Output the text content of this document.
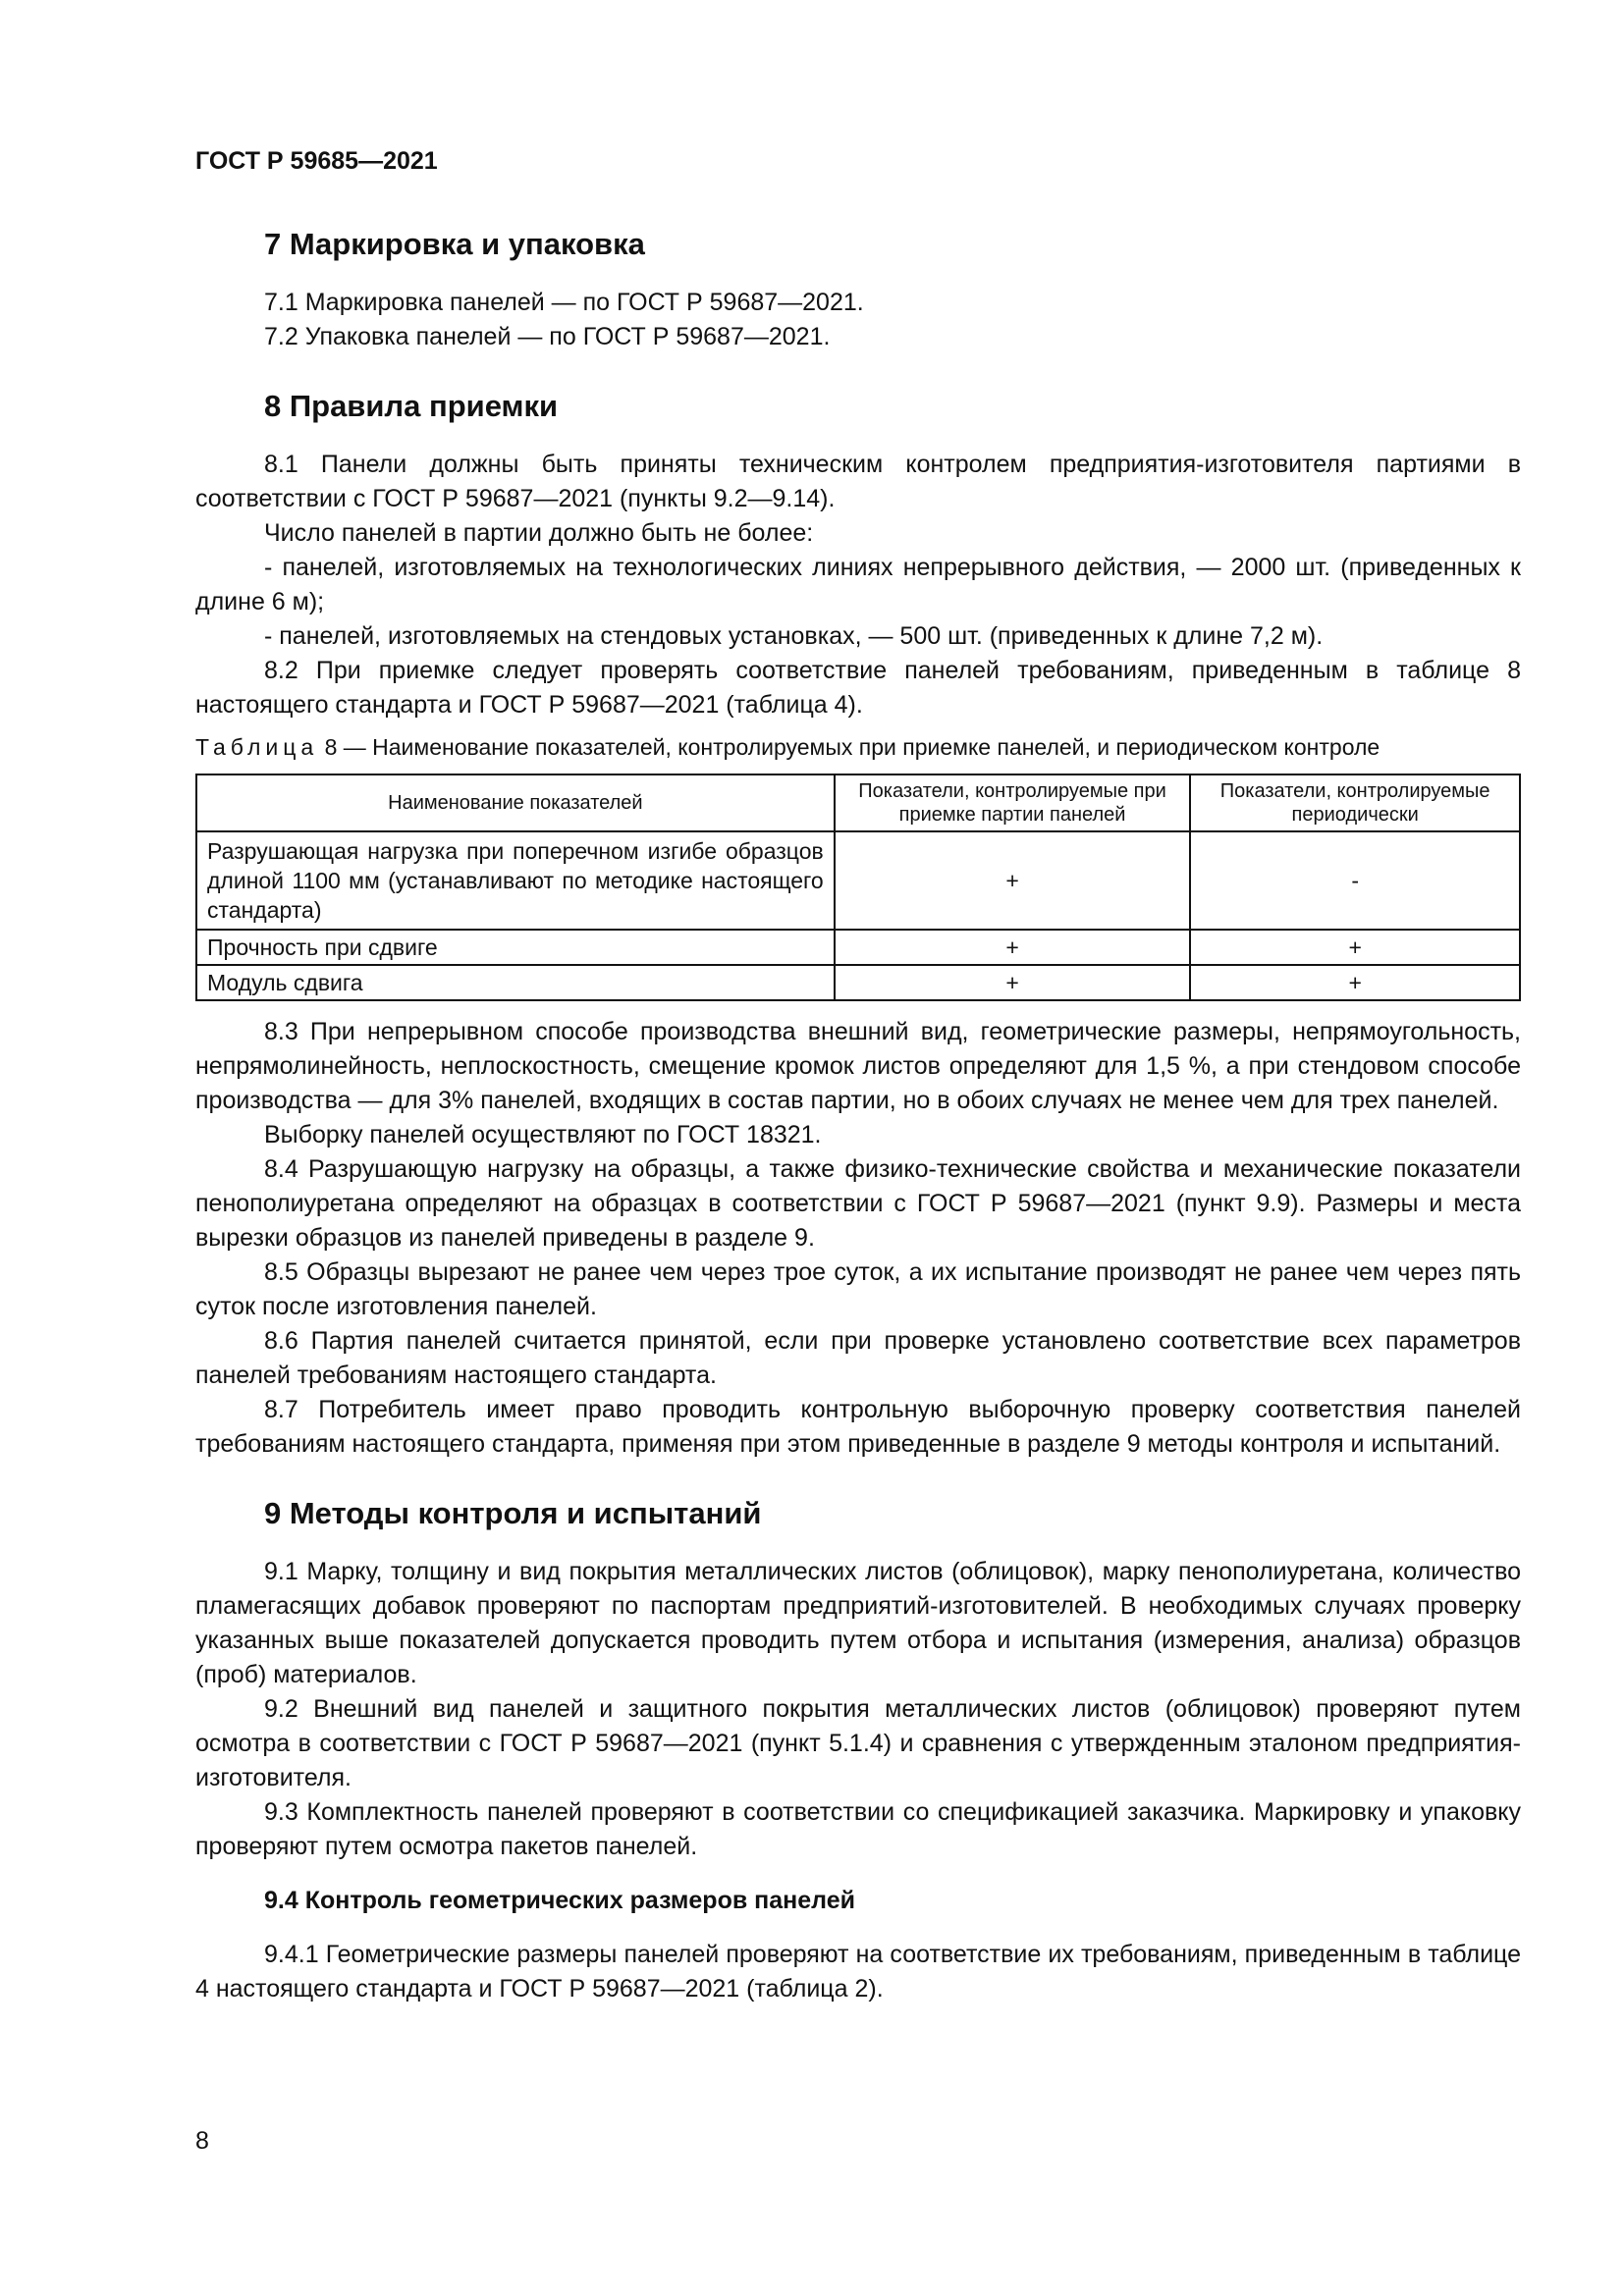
ГОСТ Р 59685—2021
7 Маркировка и упаковка

7.1 Маркировка панелей — по ГОСТ Р 59687—2021.

7.2 Упаковка панелей — по ГОСТ Р 59687—2021.

8 Правила приемки

8.1 Панели должны быть приняты техническим контролем предприятия-изготовителя партиями в соответствии с ГОСТ Р 59687—2021 (пункты 9.2—9.14).

Число панелей в партии должно быть не более:

- панелей, изготовляемых на технологических линиях непрерывного действия, — 2000 шт. (приведенных к длине 6 м);

- панелей, изготовляемых на стендовых установках, — 500 шт. (приведенных к длине 7,2 м).

8.2 При приемке следует проверять соответствие панелей требованиям, приведенным в таблице 8 настоящего стандарта и ГОСТ Р 59687—2021 (таблица 4).

Таблица 8 — Наименование показателей, контролируемых при приемке панелей, и периодическом контроле
Наименование показателей	Показатели, контролируемые при приемке партии панелей	Показатели, контролируемые периодически
Разрушающая нагрузка при поперечном изгибе образцов длиной 1100 мм (устанавливают по методике настоящего стандарта)	+	-
Прочность при сдвиге	+	+
Модуль сдвига	+	+

8.3 При непрерывном способе производства внешний вид, геометрические размеры, непрямоугольность, непрямолинейность, неплоскостность, смещение кромок листов определяют для 1,5 %, а при стендовом способе производства — для 3% панелей, входящих в состав партии, но в обоих случаях не менее чем для трех панелей.

Выборку панелей осуществляют по ГОСТ 18321.

8.4 Разрушающую нагрузку на образцы, а также физико-технические свойства и механические показатели пенополиуретана определяют на образцах в соответствии с ГОСТ Р 59687—2021 (пункт 9.9). Размеры и места вырезки образцов из панелей приведены в разделе 9.

8.5 Образцы вырезают не ранее чем через трое суток, а их испытание производят не ранее чем через пять суток после изготовления панелей.

8.6 Партия панелей считается принятой, если при проверке установлено соответствие всех параметров панелей требованиям настоящего стандарта.

8.7 Потребитель имеет право проводить контрольную выборочную проверку соответствия панелей требованиям настоящего стандарта, применяя при этом приведенные в разделе 9 методы контроля и испытаний.

9 Методы контроля и испытаний

9.1 Марку, толщину и вид покрытия металлических листов (облицовок), марку пенополиуретана, количество пламегасящих добавок проверяют по паспортам предприятий-изготовителей. В необходимых случаях проверку указанных выше показателей допускается проводить путем отбора и испытания (измерения, анализа) образцов (проб) материалов.

9.2 Внешний вид панелей и защитного покрытия металлических листов (облицовок) проверяют путем осмотра в соответствии с ГОСТ Р 59687—2021 (пункт 5.1.4) и сравнения с утвержденным эталоном предприятия-изготовителя.

9.3 Комплектность панелей проверяют в соответствии со спецификацией заказчика. Маркировку и упаковку проверяют путем осмотра пакетов панелей.

9.4 Контроль геометрических размеров панелей

9.4.1 Геометрические размеры панелей проверяют на соответствие их требованиям, приведенным в таблице 4 настоящего стандарта и ГОСТ Р 59687—2021 (таблица 2).

8
